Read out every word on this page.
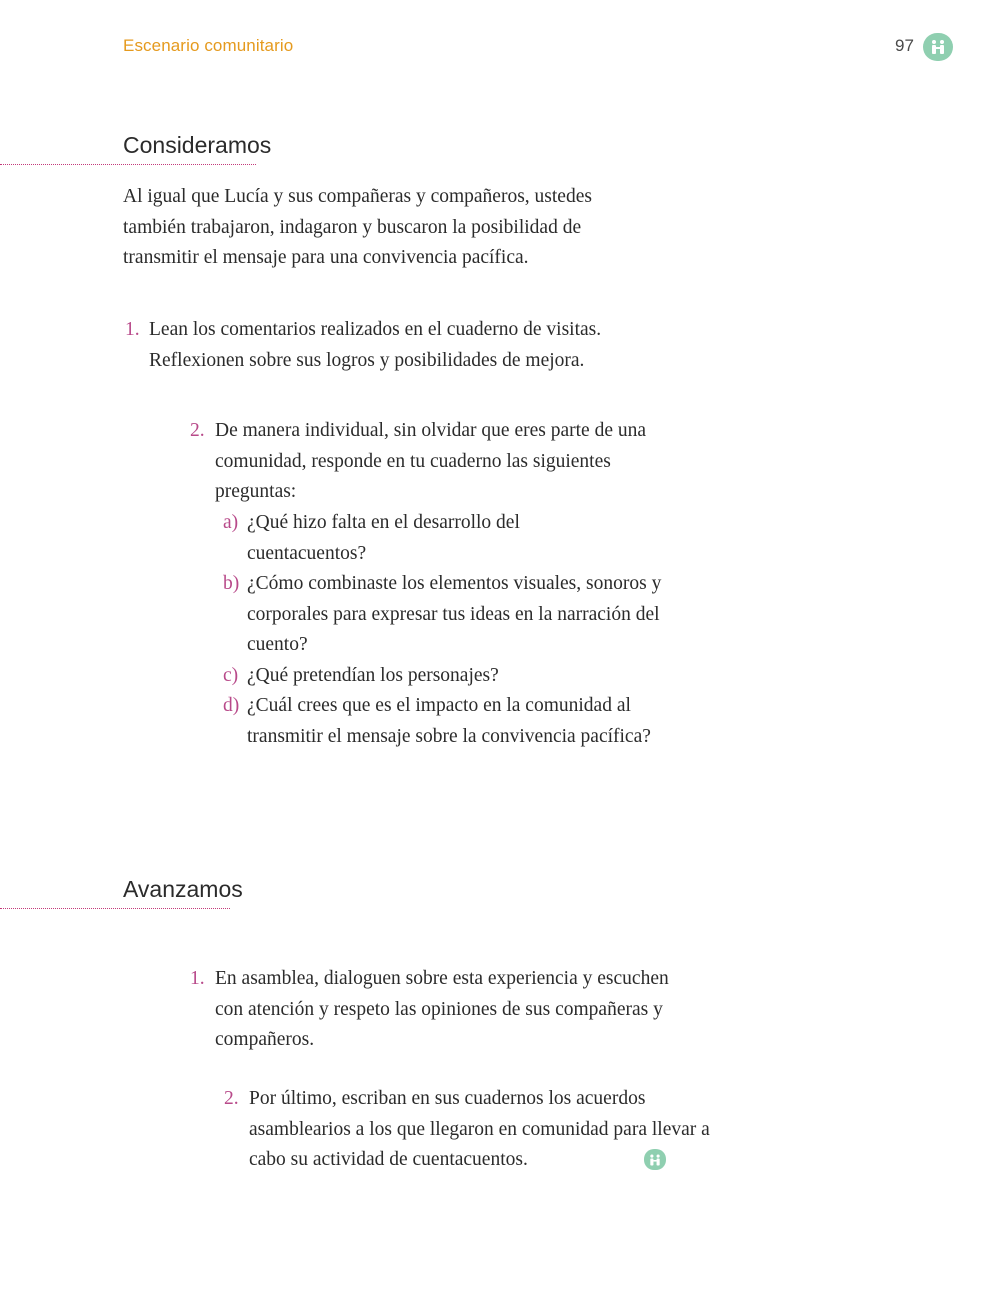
Escenario comunitario	97
Consideramos

Al igual que Lucía y sus compañeras y compañeros, ustedes también trabajaron, indagaron y buscaron la posibilidad de transmitir el mensaje para una convivencia pacífica.

1. Lean los comentarios realizados en el cuaderno de visitas. Reflexionen sobre sus logros y posibilidades de mejora.
2. De manera individual, sin olvidar que eres parte de una comunidad, responde en tu cuaderno las siguientes preguntas:
a) ¿Qué hizo falta en el desarrollo del cuentacuentos?
b) ¿Cómo combinaste los elementos visuales, sonoros y corporales para expresar tus ideas en la narración del cuento?
c) ¿Qué pretendían los personajes?
d) ¿Cuál crees que es el impacto en la comunidad al transmitir el mensaje sobre la convivencia pacífica?
Avanzamos
1. En asamblea, dialoguen sobre esta experiencia y escuchen con atención y respeto las opiniones de sus compañeras y compañeros.
2. Por último, escriban en sus cuadernos los acuerdos asamblearios a los que llegaron en comunidad para llevar a cabo su actividad de cuentacuentos.
